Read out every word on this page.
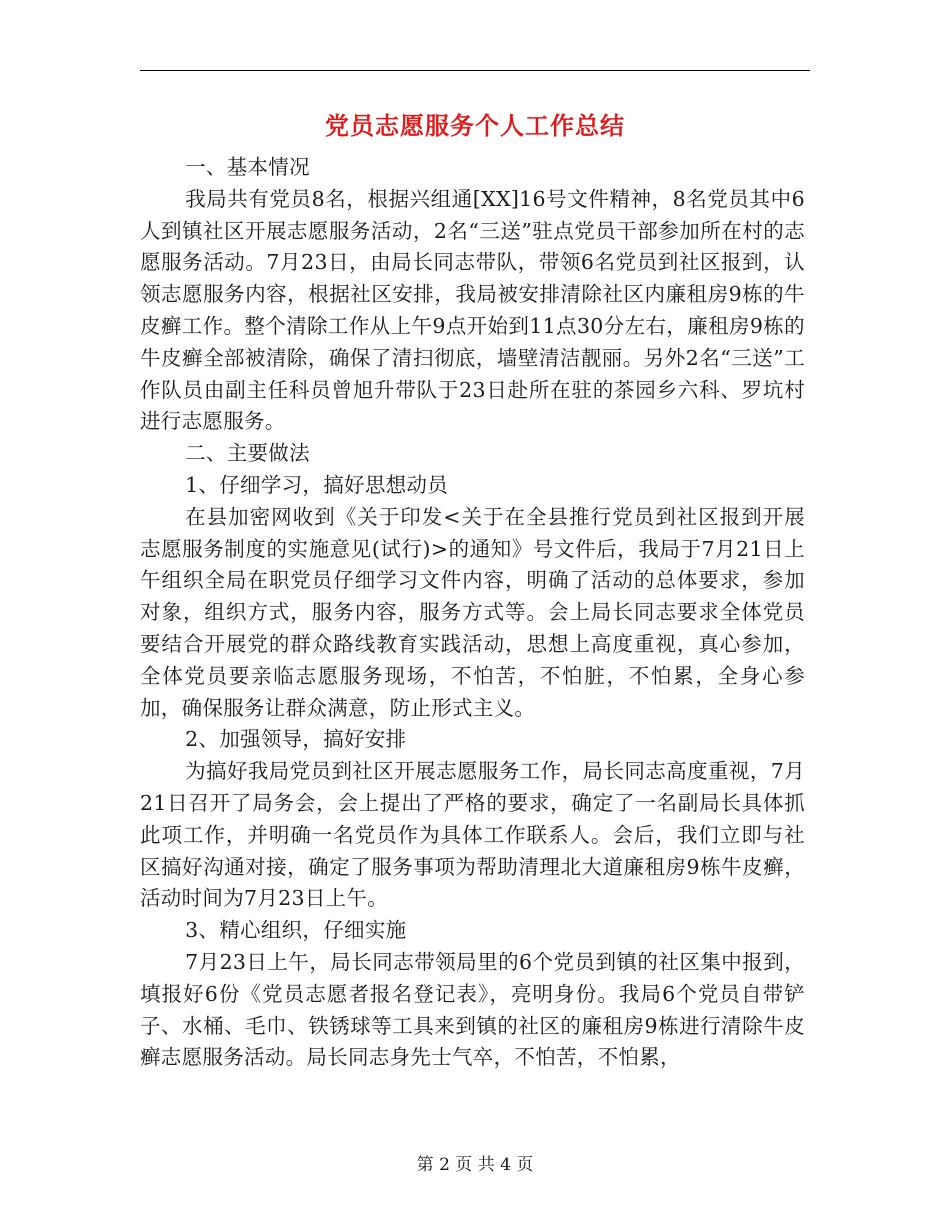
党员志愿服务个人工作总结

一、基本情况

我局共有党员8名，根据兴组通[XX]16号文件精神，8名党员其中6人到镇社区开展志愿服务活动，2名“三送”驻点党员干部参加所在村的志愿服务活动。7月23日，由局长同志带队，带领6名党员到社区报到，认领志愿服务内容，根据社区安排，我局被安排清除社区内廉租房9栋的牛皮癣工作。整个清除工作从上午9点开始到11点30分左右，廉租房9栋的牛皮癣全部被清除，确保了清扫彻底，墙壁清洁靓丽。另外2名“三送”工作队员由副主任科员曾旭升带队于23日赴所在驻的茶园乡六科、罗坑村进行志愿服务。

二、主要做法

1、仔细学习，搞好思想动员

在县加密网收到《关于印发<关于在全县推行党员到社区报到开展志愿服务制度的实施意见(试行)>的通知》号文件后，我局于7月21日上午组织全局在职党员仔细学习文件内容，明确了活动的总体要求，参加对象，组织方式，服务内容，服务方式等。会上局长同志要求全体党员要结合开展党的群众路线教育实践活动，思想上高度重视，真心参加，全体党员要亲临志愿服务现场，不怕苦，不怕脏，不怕累，全身心参加，确保服务让群众满意，防止形式主义。

2、加强领导，搞好安排

为搞好我局党员到社区开展志愿服务工作，局长同志高度重视，7月21日召开了局务会，会上提出了严格的要求，确定了一名副局长具体抓此项工作，并明确一名党员作为具体工作联系人。会后，我们立即与社区搞好沟通对接，确定了服务事项为帮助清理北大道廉租房9栋牛皮癣，活动时间为7月23日上午。

3、精心组织，仔细实施

7月23日上午，局长同志带领局里的6个党员到镇的社区集中报到，填报好6份《党员志愿者报名登记表》，亮明身份。我局6个党员自带铲子、水桶、毛巾、铁锈球等工具来到镇的社区的廉租房9栋进行清除牛皮癣志愿服务活动。局长同志身先士气卒，不怕苦，不怕累，

第 2 页 共 4 页
